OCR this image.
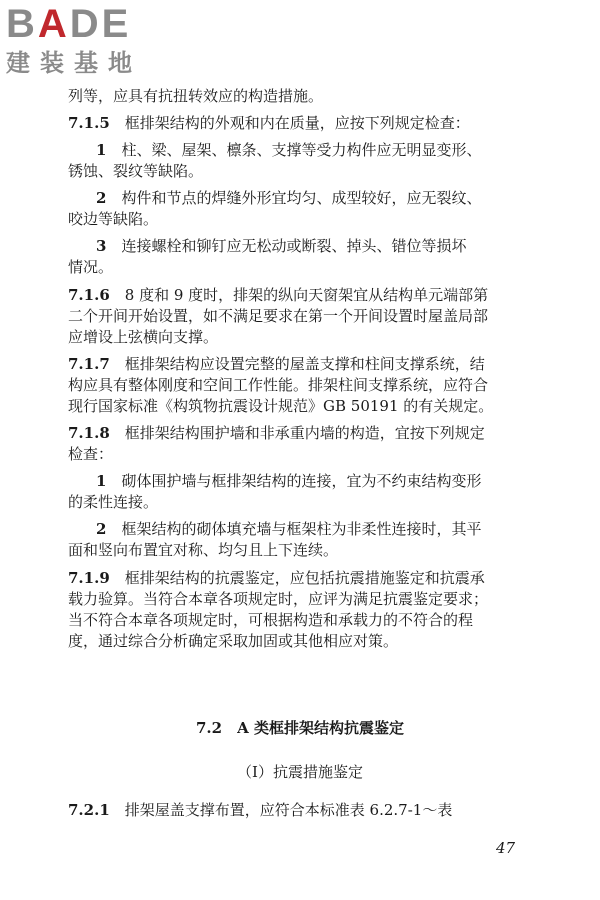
BADE
建装基地
列等，应具有抗扭转效应的构造措施。
7.1.5　 框排架结构的外观和内在质量，应按下列规定检查：
1　 柱、梁、屋架、檩条、支撑等受力构件应无明显变形、
锈蚀、裂纹等缺陷。
2　 构件和节点的焊缝外形宜均匀、成型较好，应无裂纹、
咬边等缺陷。
3　 连接螺栓和铆钉应无松动或断裂、掉头、错位等损坏
情况。
7.1.6　 8 度和 9 度时，排架的纵向天窗架宜从结构单元端部第
二个开间开始设置，如不满足要求在第一个开间设置时屋盖局部
应增设上弦横向支撑。
7.1.7　 框排架结构应设置完整的屋盖支撑和柱间支撑系统，结
构应具有整体刚度和空间工作性能。排架柱间支撑系统，应符合
现行国家标准《构筑物抗震设计规范》GB 50191 的有关规定。
7.1.8　 框排架结构围护墙和非承重内墙的构造，宜按下列规定
检查：
1　 砌体围护墙与框排架结构的连接，宜为不约束结构变形
的柔性连接。
2　 框架结构的砌体填充墙与框架柱为非柔性连接时，其平
面和竖向布置宜对称、均匀且上下连续。
7.1.9　 框排架结构的抗震鉴定，应包括抗震措施鉴定和抗震承
载力验算。当符合本章各项规定时，应评为满足抗震鉴定要求；
当不符合本章各项规定时，可根据构造和承载力的不符合的程
度，通过综合分析确定采取加固或其他相应对策。
7.2　 A 类框排架结构抗震鉴定
（Ⅰ）抗震措施鉴定
7.2.1　 排架屋盖支撑布置，应符合本标准表 6.2.7-1～表
47
